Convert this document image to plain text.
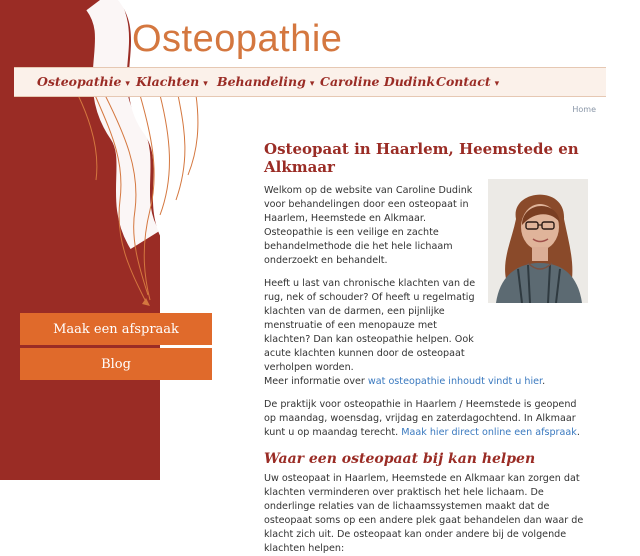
Osteopathie
Osteopathie ▾ Klachten ▾ Behandeling ▾ Caroline Dudink Contact ▾
Home
Maak een afspraak
Blog
Osteopaat in Haarlem, Heemstede en Alkmaar

Welkom op de website van Caroline Dudink voor behandelingen door een osteopaat in Haarlem, Heemstede en Alkmaar. Osteopathie is een veilige en zachte behandelmethode die het hele lichaam onderzoekt en behandelt.

Heeft u last van chronische klachten van de rug, nek of schouder? Of heeft u regelmatig klachten van de darmen, een pijnlijke menstruatie of een menopauze met klachten? Dan kan osteopathie helpen. Ook acute klachten kunnen door de osteopaat verholpen worden.

Meer informatie over wat osteopathie inhoudt vindt u hier.

De praktijk voor osteopathie in Haarlem / Heemstede is geopend op maandag, woensdag, vrijdag en zaterdagochtend. In Alkmaar kunt u op maandag terecht. Maak hier direct online een afspraak.

Waar een osteopaat bij kan helpen

Uw osteopaat in Haarlem, Heemstede en Alkmaar kan zorgen dat klachten verminderen over praktisch het hele lichaam. De onderlinge relaties van de lichaamssystemen maakt dat de osteopaat soms op een andere plek gaat behandelen dan waar de klacht zich uit. De osteopaat kan onder andere bij de volgende klachten helpen:
